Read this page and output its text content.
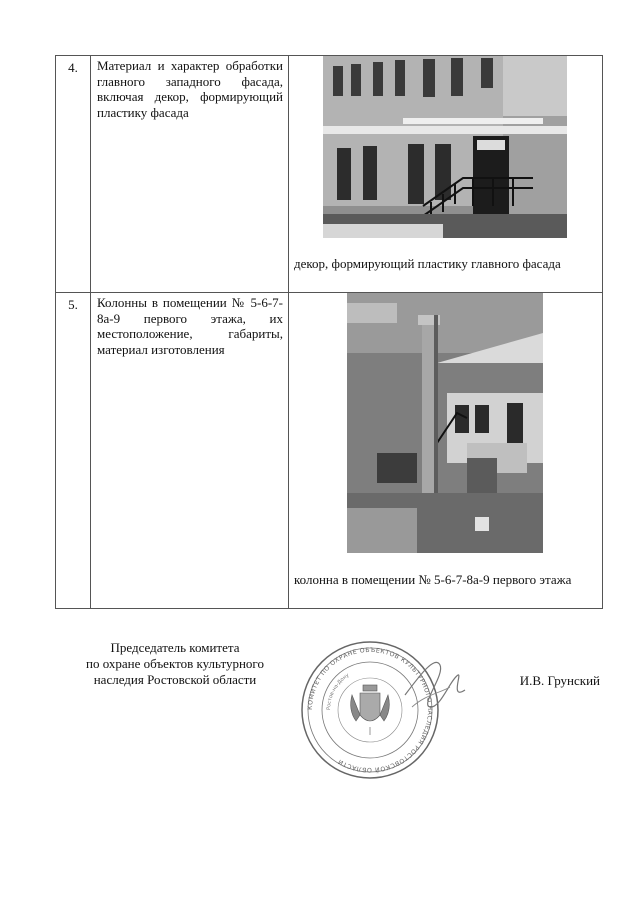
4.	Материал и характер обработки главного западного фасада, включая декор, формирующий пластику фасада	декор, формирующий пластику главного фасада

5.	Колонны в помещении № 5-6-7-8а-9 первого этажа, их местоположение, габариты, материал изготовления	колонна в помещении № 5-6-7-8а-9 первого этажа
Председатель комитета
по охране объектов культурного
наследия Ростовской области
КОМИТЕТ ПО ОХРАНЕ ОБЪЕКТОВ КУЛЬТУРНОГО НАСЛЕДИЯ РОСТОВСКОЙ ОБЛАСТИ
Ростов-на-Дону	И.В. Грунский
